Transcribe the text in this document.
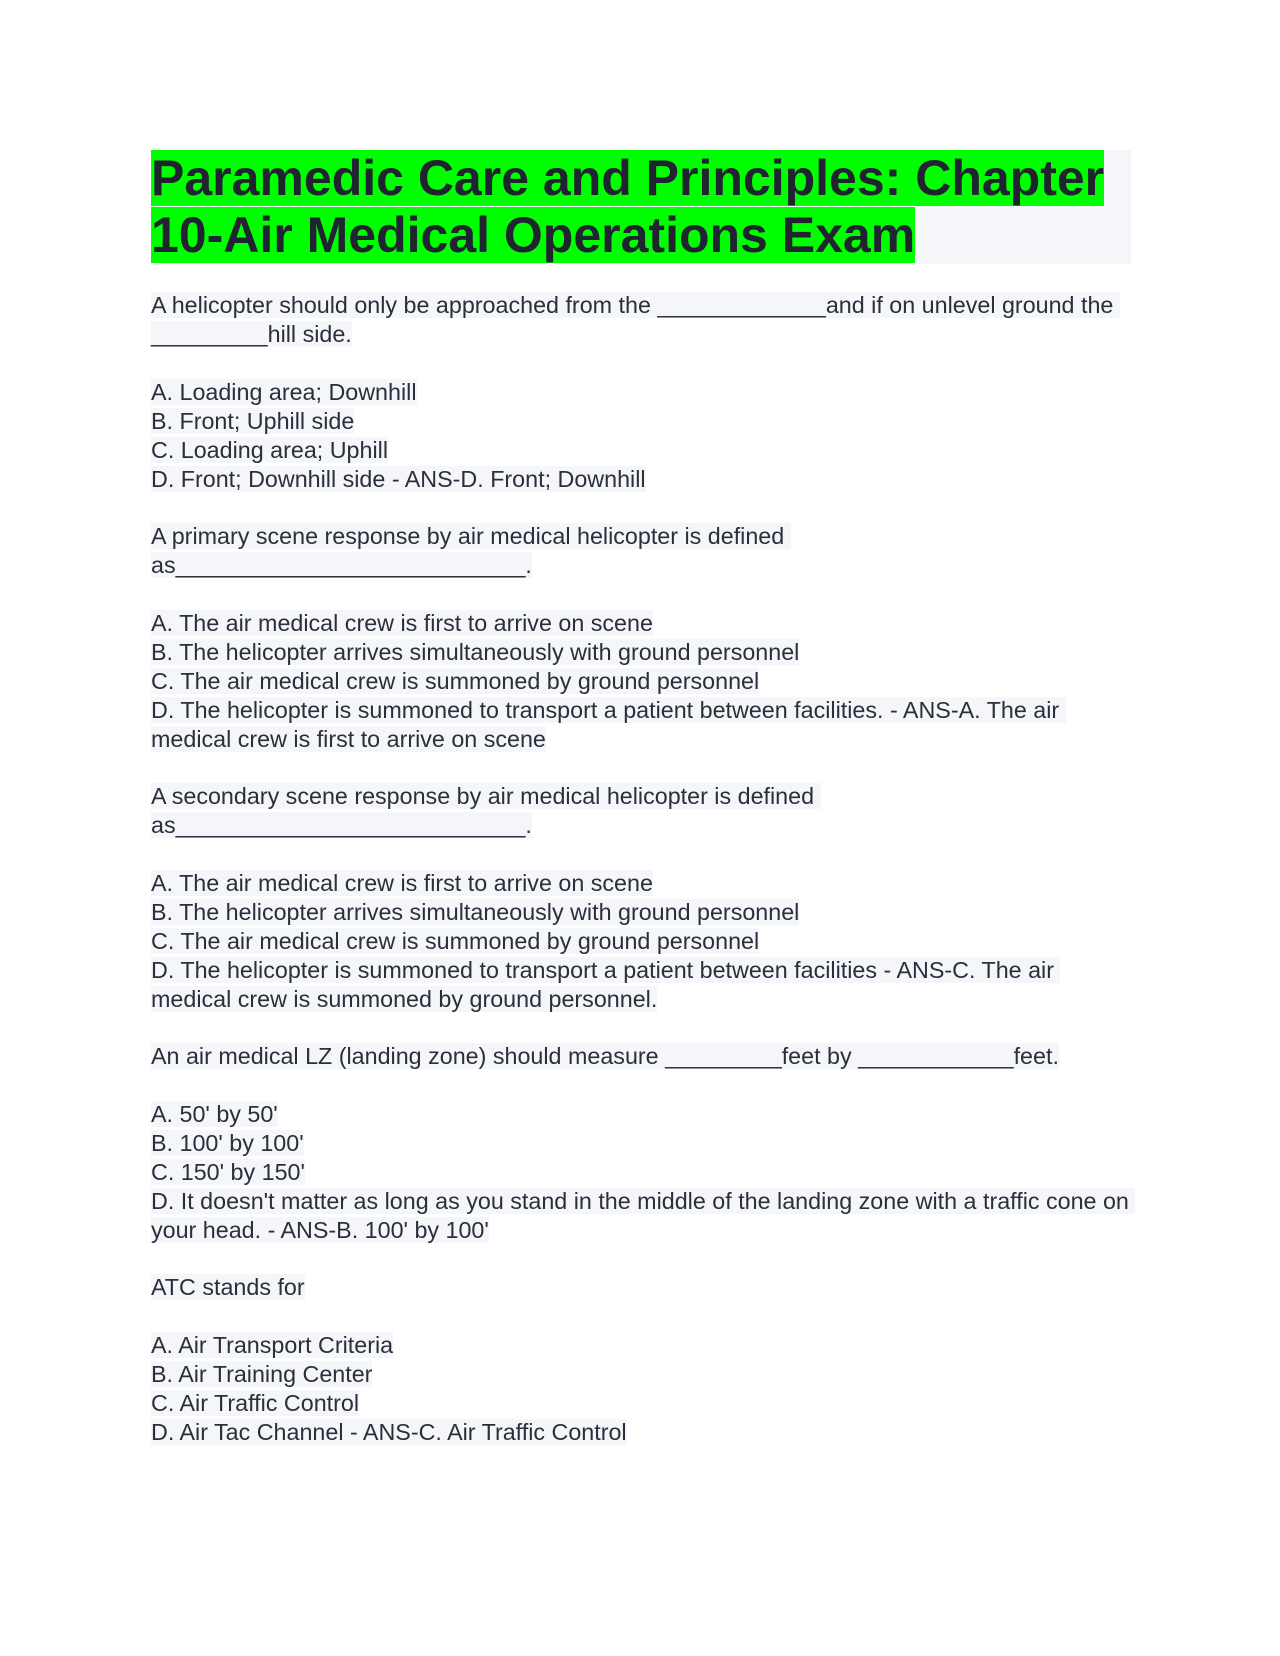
Paramedic Care and Principles: Chapter 10-Air Medical Operations Exam
A helicopter should only be approached from the _____________and if on unlevel ground the _________hill side.
A. Loading area; Downhill
B. Front; Uphill side
C. Loading area; Uphill
D. Front; Downhill side - ANS-D. Front; Downhill
A primary scene response by air medical helicopter is defined as___________________________.
A. The air medical crew is first to arrive on scene
B. The helicopter arrives simultaneously with ground personnel
C. The air medical crew is summoned by ground personnel
D. The helicopter is summoned to transport a patient between facilities. - ANS-A. The air medical crew is first to arrive on scene
A secondary scene response by air medical helicopter is defined as___________________________.
A. The air medical crew is first to arrive on scene
B. The helicopter arrives simultaneously with ground personnel
C. The air medical crew is summoned by ground personnel
D. The helicopter is summoned to transport a patient between facilities - ANS-C. The air medical crew is summoned by ground personnel.
An air medical LZ (landing zone) should measure _________feet by ____________feet.
A. 50' by 50'
B. 100' by 100'
C. 150' by 150'
D. It doesn't matter as long as you stand in the middle of the landing zone with a traffic cone on your head. - ANS-B. 100' by 100'
ATC stands for
A. Air Transport Criteria
B. Air Training Center
C. Air Traffic Control
D. Air Tac Channel - ANS-C. Air Traffic Control
